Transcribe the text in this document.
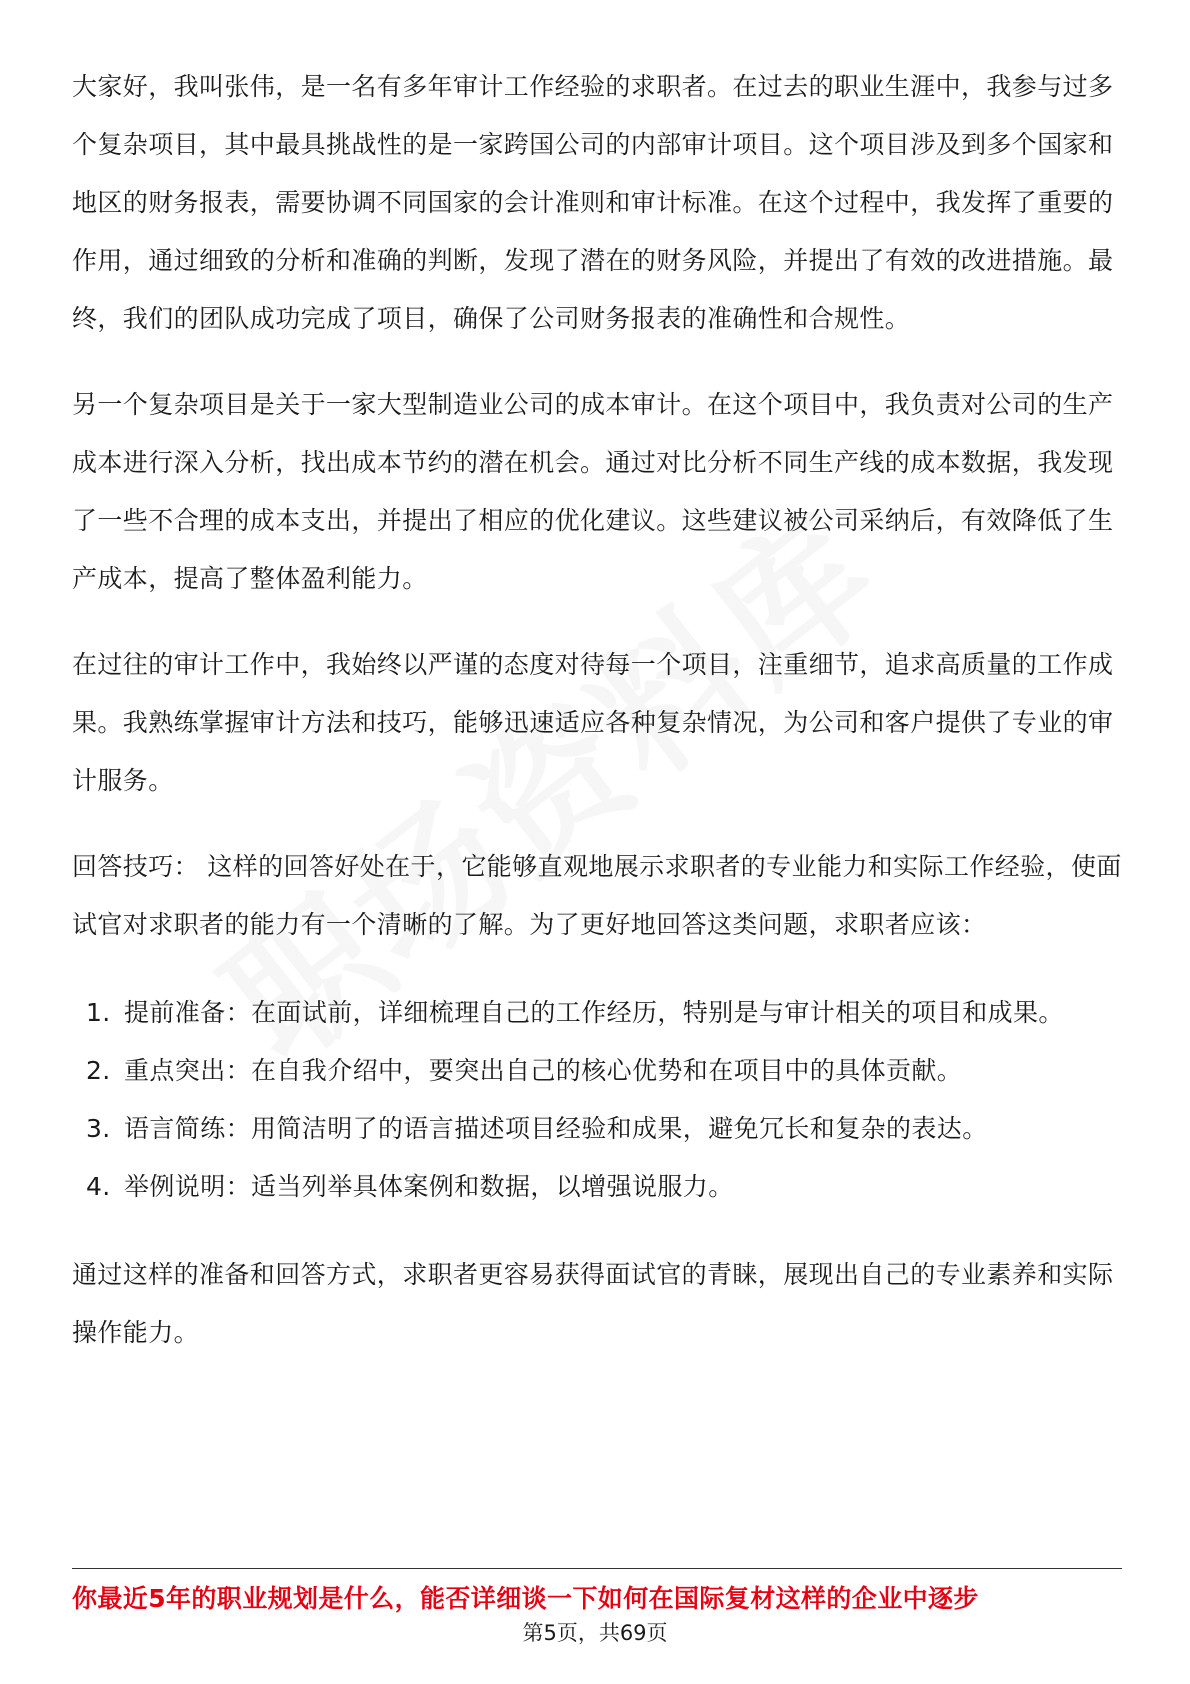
大家好，我叫张伟，是一名有多年审计工作经验的求职者。在过去的职业生涯中，我参与过多个复杂项目，其中最具挑战性的是一家跨国公司的内部审计项目。这个项目涉及到多个国家和地区的财务报表，需要协调不同国家的会计准则和审计标准。在这个过程中，我发挥了重要的作用，通过细致的分析和准确的判断，发现了潜在的财务风险，并提出了有效的改进措施。最终，我们的团队成功完成了项目，确保了公司财务报表的准确性和合规性。

另一个复杂项目是关于一家大型制造业公司的成本审计。在这个项目中，我负责对公司的生产成本进行深入分析，找出成本节约的潜在机会。通过对比分析不同生产线的成本数据，我发现了一些不合理的成本支出，并提出了相应的优化建议。这些建议被公司采纳后，有效降低了生产成本，提高了整体盈利能力。

在过往的审计工作中，我始终以严谨的态度对待每一个项目，注重细节，追求高质量的工作成果。我熟练掌握审计方法和技巧，能够迅速适应各种复杂情况，为公司和客户提供了专业的审计服务。

回答技巧： 这样的回答好处在于，它能够直观地展示求职者的专业能力和实际工作经验，使面试官对求职者的能力有一个清晰的了解。为了更好地回答这类问题，求职者应该：

1. 提前准备：在面试前，详细梳理自己的工作经历，特别是与审计相关的项目和成果。
2. 重点突出：在自我介绍中，要突出自己的核心优势和在项目中的具体贡献。
3. 语言简练：用简洁明了的语言描述项目经验和成果，避免冗长和复杂的表达。
4. 举例说明：适当列举具体案例和数据，以增强说服力。

通过这样的准备和回答方式，求职者更容易获得面试官的青睐，展现出自己的专业素养和实际操作能力。

你最近5年的职业规划是什么，能否详细谈一下如何在国际复材这样的企业中逐步
第5页，共69页
